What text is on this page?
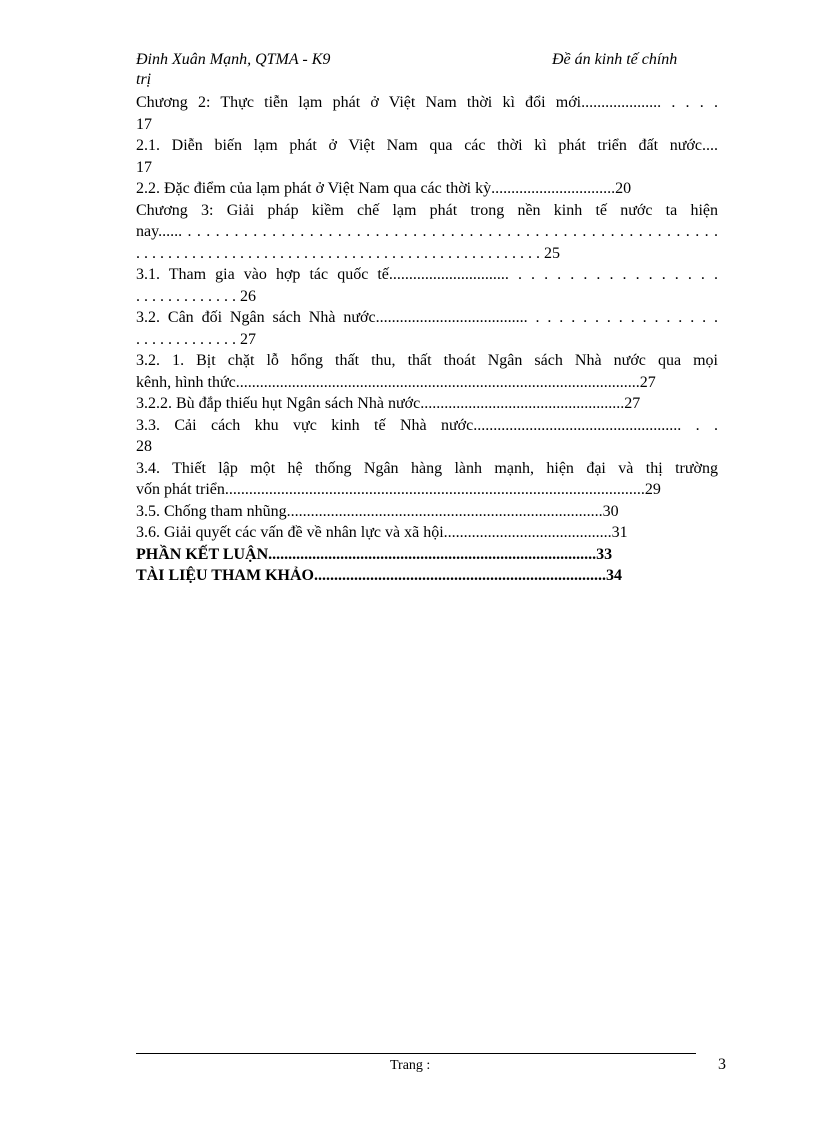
Đinh Xuân Mạnh, QTMA - K9	Đề án kinh tế chính
trị
Chương 2: Thực tiễn lạm phát ở Việt Nam thời kì đổi mới.................... . . . .
17
2.1. Diễn biến lạm phát ở Việt Nam qua các thời kì phát triển đất nước....
17
2.2. Đặc điểm của lạm phát ở Việt Nam qua các thời kỳ...............................20
Chương 3: Giải pháp kiềm chế lạm phát trong nền kinh tế nước ta hiện
nay...... . . . . . . . . . . . . . . . . . . . . . . . . . . . . . . . . . . . . . . . . . . . . . . . . . . . . . . . . .
. . . . . . . . . . . . . . . . . . . . . . . . . . . . . . . . . . . . . . . . . . . . . . . . . . . 25
3.1. Tham gia vào hợp tác quốc tế.............................. . . . . . . . . . . . . . . . .
. . . . . . . . . . . . . 26
3.2. Cân đối Ngân sách Nhà nước...................................... . . . . . . . . . . . . . . . .
. . . . . . . . . . . . . 27
3.2. 1. Bịt chặt lỗ hổng thất thu, thất thoát Ngân sách Nhà nước qua mọi
kênh, hình thức.....................................................................................................27
3.2.2. Bù đắp thiếu hụt Ngân sách Nhà nước...................................................27
3.3. Cải cách khu vực kinh tế Nhà nước.................................................... . .
28
3.4. Thiết lập một hệ thống Ngân hàng lành mạnh, hiện đại và thị trường
vốn phát triển.........................................................................................................29
3.5. Chống tham nhũng...............................................................................30
3.6. Giải quyết các vấn đề về nhân lực và xã hội..........................................31
PHẦN KẾT LUẬN..................................................................................33
TÀI LIỆU THAM KHẢO.........................................................................34
Trang :	3
